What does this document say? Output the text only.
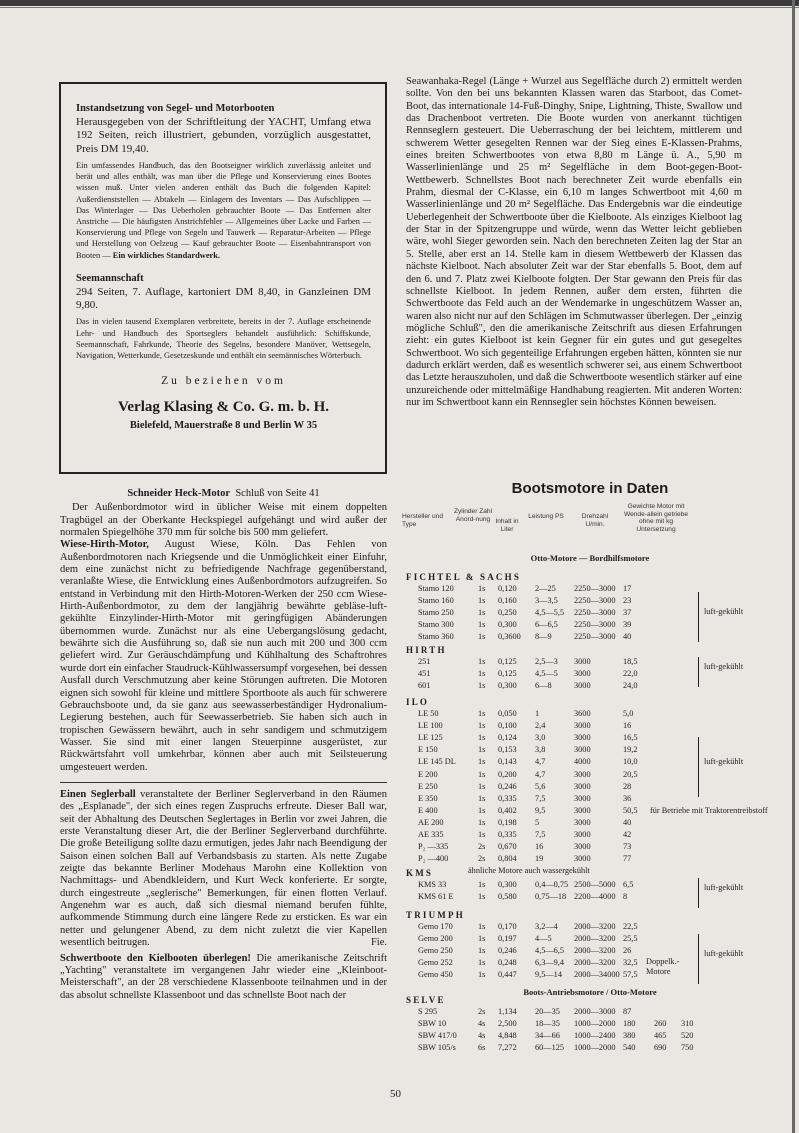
Instandsetzung von Segel- und Motorbooten

Herausgegeben von der Schriftleitung der YACHT, Umfang etwa 192 Seiten, reich illustriert, gebunden, vorzüglich ausgestattet, Preis DM 19,40.

Ein umfassendes Handbuch, das den Bootseigner wirklich zuverlässig anleitet und berät und alles enthält, was man über die Pflege und Konservierung eines Bootes wissen muß. Unter vielen anderen enthält das Buch die folgenden Kapitel: Außerdienststellen — Abtakeln — Einlagern des Inventars — Das Aufschlippen — Das Winterlager — Das Ueberholen gebrauchter Boote — Das Entfernen alter Anstriche — Die häufigsten Anstrichfehler — Allgemeines über Lacke und Farben — Konservierung und Pflege von Segeln und Tauwerk — Reparatur-Arbeiten — Pflege und Herstellung von Oelzeug — Kauf gebrauchter Boote — Eisenbahntransport von Booten — Ein wirkliches Standardwerk.

Seemannschaft

294 Seiten, 7. Auflage, kartoniert DM 8,40, in Ganzleinen DM 9,80.

Das in vielen tausend Exemplaren verbreitete, bereits in der 7. Auflage erscheinende Lehr- und Handbuch des Sportseglers behandelt ausführlich: Schiffskunde, Seemannschaft, Fahrkunde, Theorie des Segelns, besondere Manöver, Wettsegeln, Navigation, Wetterkunde, Gesetzeskunde und enthält ein seemännisches Wörterbuch.

Zu beziehen vom

Verlag Klasing & Co. G. m. b. H.

Bielefeld, Mauerstraße 8 und Berlin W 35

Schneider Heck-Motor Schluß von Seite 41

Der Außenbordmotor wird in üblicher Weise mit einem doppelten Tragbügel an der Oberkante Heckspiegel aufgehängt und wird außer der normalen Spiegelhöhe 370 mm für solche bis 500 mm geliefert.

Wiese-Hirth-Motor, August Wiese, Köln. Das Fehlen von Außenbordmotoren nach Kriegsende und die Unmöglichkeit einer Einfuhr, dem eine zunächst nicht zu befriedigende Nachfrage gegenüberstand, veranlaßte Wiese, die Entwicklung eines Außenbordmotors aufzugreifen. So entstand in Verbindung mit den Hirth-Motoren-Werken der 250 ccm Wiese-Hirth-Außenbordmotor, zu dem der langjährig bewährte gebläse-luft-gekühlte Einzylinder-Hirth-Motor mit geringfügigen Abänderungen übernommen wurde. Zunächst nur als eine Uebergangslösung gedacht, bewährte sich die Ausführung so, daß sie nun auch mit 200 und 300 ccm geliefert wird. Zur Geräuschdämpfung und Kühlhaltung des Schaftrohres wurde dort ein einfacher Staudruck-Kühlwassersumpf vorgesehen, bei dessen Ausfall durch Verschmutzung aber keine Störungen auftreten. Die Motoren eignen sich sowohl für kleine und mittlere Sportboote als auch für schwerere Gebrauchsboote und, da sie ganz aus seewasserbeständiger Hydronalium-Legierung bestehen, auch für Seewasserbetrieb. Sie haben sich auch in tropischen Gewässern bewährt, auch in sehr sandigem und schmutzigem Wasser. Sie sind mit einer langen Steuerpinne ausgerüstet, zur Rückwärtsfahrt voll umkehrbar, können aber auch mit Seilsteuerung umgesteuert werden.

Einen Seglerball veranstaltete der Berliner Seglerverband in den Räumen des „Esplanade", der sich eines regen Zuspruchs erfreute. Dieser Ball war, seit der Abhaltung des Deutschen Seglertages in Berlin vor zwei Jahren, die erste Veranstaltung dieser Art, die der Berliner Seglerverband durchführte. Die große Beteiligung sollte dazu ermutigen, jedes Jahr nach Beendigung der Saison einen solchen Ball auf Verbandsbasis zu starten. Als nette Zugabe zeigte das bekannte Berliner Modehaus Marohn eine Kollektion von Nachmittags- und Abendkleidern, und Kurt Weck konferierte. Er sorgte, durch eingestreute „seglerische" Bemerkungen, für einen flotten Verlauf. Angenehm war es auch, daß sich diesmal niemand berufen fühlte, aufkommende Stimmung durch eine längere Rede zu ersticken. Es war ein netter und gelungener Abend, zu dem nicht zuletzt die vier Kapellen wesentlich beitrugen.	Fie.

Schwertboote den Kielbooten überlegen! Die amerikanische Zeitschrift „Yachting" veranstaltete im vergangenen Jahr wieder eine „Kleinboot-Meisterschaft", an der 28 verschiedene Klassenboote teilnahmen und in der das absolut schnellste Klassenboot und das schnellste Boot nach der

Seawanhaka-Regel (Länge + Wurzel aus Segelfläche durch 2) ermittelt werden sollte. Von den bei uns bekannten Klassen waren das Starboot, das Comet-Boot, das internationale 14-Fuß-Dinghy, Snipe, Lightning, Thiste, Swallow und das Drachenboot vertreten. Die Boote wurden von anerkannt tüchtigen Rennseglern gesteuert. Die Ueberraschung der bei leichtem, mittlerem und schwerem Wetter gesegelten Rennen war der Sieg eines E-Klassen-Prahms, eines breiten Schwertbootes von etwa 8,80 m Länge ü. A., 5,90 m Wasserlinienlänge und 25 m² Segelfläche in dem Boot-gegen-Boot-Wettbewerb. Schnellstes Boot nach berechneter Zeit wurde ebenfalls ein Prahm, diesmal der C-Klasse, ein 6,10 m langes Schwertboot mit 4,60 m Wasserlinienlänge und 20 m² Segelfläche. Das Endergebnis war die eindeutige Ueberlegenheit der Schwertboote über die Kielboote. Als einziges Kielboot lag der Star in der Spitzengruppe und würde, wenn das Wetter leicht geblieben wäre, wohl Sieger geworden sein. Nach den berechneten Zeiten lag der Star an 5. Stelle, aber erst an 14. Stelle kam in diesem Wettbewerb der Klassen das nächste Kielboot. Nach absoluter Zeit war der Star ebenfalls 5. Boot, dem auf den 6. und 7. Platz zwei Kielboote folgten. Der Star gewann den Preis für das schnellste Kielboot. In jedem Rennen, außer dem ersten, führten die Schwertboote das Feld auch an der Wendemarke in ungeschützem Wasser an, waren also nicht nur auf den Schlägen im Schmutwasser überlegen. Der „einzig mögliche Schluß", den die amerikanische Zeitschrift aus diesen Erfahrungen zieht: ein gutes Kielboot ist kein Gegner für ein gutes und gut gesegeltes Schwertboot. Wo sich gegenteilige Erfahrungen ergeben hätten, könnten sie nur dadurch erklärt werden, daß es wesentlich schwerer sei, aus einem Schwertboot das Letzte herauszuholen, und daß die Schwertboote wesentlich stärker auf eine unzureichende oder mittelmäßige Handhabung reagierten. Mit anderen Worten: nur im Schwertboot kann ein Rennsegler sein höchstes Können beweisen.

Bootsmotore in Daten
Hersteller und Type
Zylinder Zahl Anord-nung Inhalt in Liter
Leistung PS	Drehzahl U/min.
Gewichte Motor mit Wende-allein getriebe ohne mit kg Untersetzung
Otto-Motore — Bordhilfsmotore
Boots-Antriebsmotore / Otto-Motore
FICHTEL & SACHS
Stamo 120	1s 0,120 2—25 2250—3000 17
Stamo 160	1s 0,160 3—3,5 2250—3000 23
Stamo 250	1s 0,250 4,5—5,5 2250—3000 37
Stamo 300	1s 0,300 6—6,5 2250—3000 39
Stamo 360	1s 0,3600 8—9	2250—3000 40
luft-gekühlt
HIRTH
251	1s 0,125 2,5—3 3000	18,5
451	1s 0,125 4,5—5 3000	22,0
601	1s 0,300 6—8	3000	24,0
luft-gekühlt
ILO
LE 50	1s 0,050 1	3600	5,0
LE 100	1s 0,100 2,4	3000	16
LE 125	1s 0,124 3,0	3000	16,5
E 150	1s 0,153 3,8	3000	19,2
LE 145 DL	1s 0,143 4,7	4000	10,0
E 200	1s 0,200 4,7	3000	20,5
E 250	1s 0,246 5,6	3000	28
E 350	1s 0,335 7,5	3000	36
E 400	1s 0,402 9,5	3000	50,5
AE 200	1s 0,198 5	3000	40
AE 335	1s 0,335 7,5	3000	42
P₂ —335	2s 0,670 16	3000	73
P₂ —400	2s 0,804 19	3000	77
luft-gekühlt
für Betriebe mit Traktorentreibstoff
ähnliche Motore auch wassergekühlt
KMS
KMS 33	1s 0,300 0,4—0,75 2500—5000 6,5
KMS 61 E	1s 0,580 0,75—18 2200—4000 8
luft-gekühlt
TRIUMPH
Gemo 170	1s 0,170 3,2—4 2000—3200 22,5
Gemo 200	1s 0,197 4—5	2000—3200 25,5
Gemo 250	1s 0,246 4,5—6,5 2000—3200 26
Gemo 252	1s 0,248 6,3—9,4 2000—3200 32,5
Gemo 450	1s 0,447 9,5—14 2000—34000 57,5
luft-gekühlt
Doppelk.-Motore
SELVE
S 295	2s 1,134 20—35 2000—3000 87
SBW 10	4s 2,500 18—35 1000—2000 180 260 310
SBW 417/0	4s 4,848 34—66 1000—2400 380 465 520
SBW 105/s	6s 7,272 60—125 1000—2000 540 690 750
50
